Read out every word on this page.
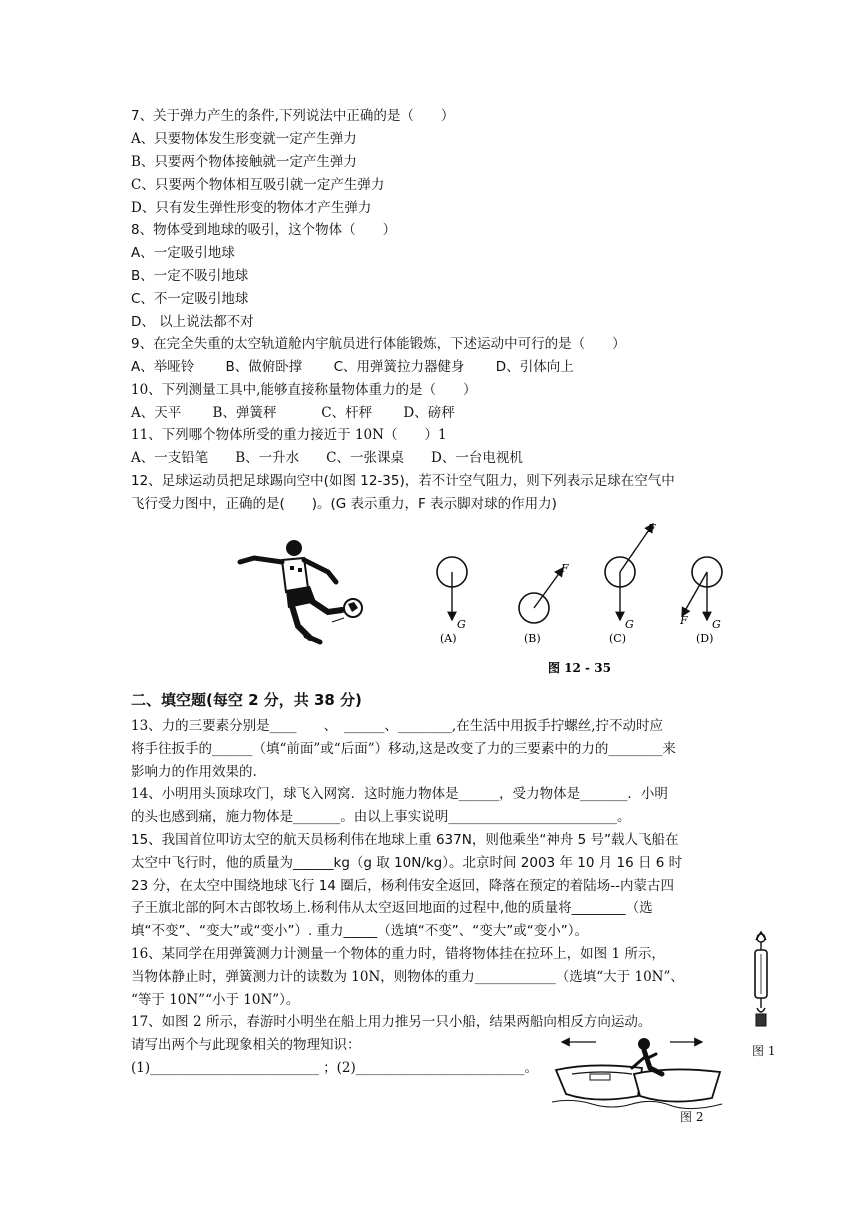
7、关于弹力产生的条件,下列说法中正确的是（　　）
A、只要物体发生形变就一定产生弹力
B、只要两个物体接触就一定产生弹力
C、只要两个物体相互吸引就一定产生弹力
D、只有发生弹性形变的物体才产生弹力
8、物体受到地球的吸引，这个物体（　　）
A、一定吸引地球
B、一定不吸引地球
C、不一定吸引地球
D、 以上说法都不对
9、在完全失重的太空轨道舱内宇航员进行体能锻炼，下述运动中可行的是（　　）
A、举哑铃　　 B、做俯卧撑　　 C、用弹簧拉力器健身　　 D、引体向上
10、下列测量工具中,能够直接称量物体重力的是（　　）
A、天平　　 B、弹簧秤　　　 C、杆秤　　 D、磅秤
11、下列哪个物体所受的重力接近于 10N（　　）1
A、一支铅笔　　B、一升水　　C、一张课桌　　D、一台电视机
12、足球运动员把足球踢向空中(如图 12-35)，若不计空气阻力，则下列表示足球在空气中
飞行受力图中，正确的是(　　)。(G 表示重力，F 表示脚对球的作用力)
G
(A)
F
(B)
F
G
(C)
F G
(D)
图 12 - 35
二、填空题(每空 2 分，共 38 分)
13、力的三要素分别是____　　、　______、________,在生活中用扳手拧螺丝,拧不动时应
将手往扳手的______（填“前面”或“后面”）移动,这是改变了力的三要素中的力的________来
影响力的作用效果的.
14、小明用头顶球攻门，球飞入网窝．这时施力物体是______，受力物体是_______．小明
的头也感到痛，施力物体是_______。由以上事实说明_________________________。
15、我国首位叩访太空的航天员杨利伟在地球上重 637N，则他乘坐“神舟 5 号”载人飞船在
太空中飞行时，他的质量为______kg（g 取 10N/kg）。北京时间 2003 年 10 月 16 日 6 时
23 分，在太空中围绕地球飞行 14 圈后，杨利伟安全返回，降落在预定的着陆场--内蒙古四
子王旗北部的阿木古郎牧场上.杨利伟从太空返回地面的过程中,他的质量将________（选
填“不变”、“变大”或“变小”）. 重力_____（选填“不变”、“变大”或“变小”）。
16、某同学在用弹簧测力计测量一个物体的重力时，错将物体挂在拉环上，如图 1 所示，
当物体静止时，弹簧测力计的读数为 10N，则物体的重力____________（选填“大于 10N”、
“等于 10N”“小于 10N”）。
17、如图 2 所示，春游时小明坐在船上用力推另一只小船，结果两船向相反方向运动。
请写出两个与此现象相关的物理知识：
(1)_________________________ ；(2)_________________________。
图 1
图 2
